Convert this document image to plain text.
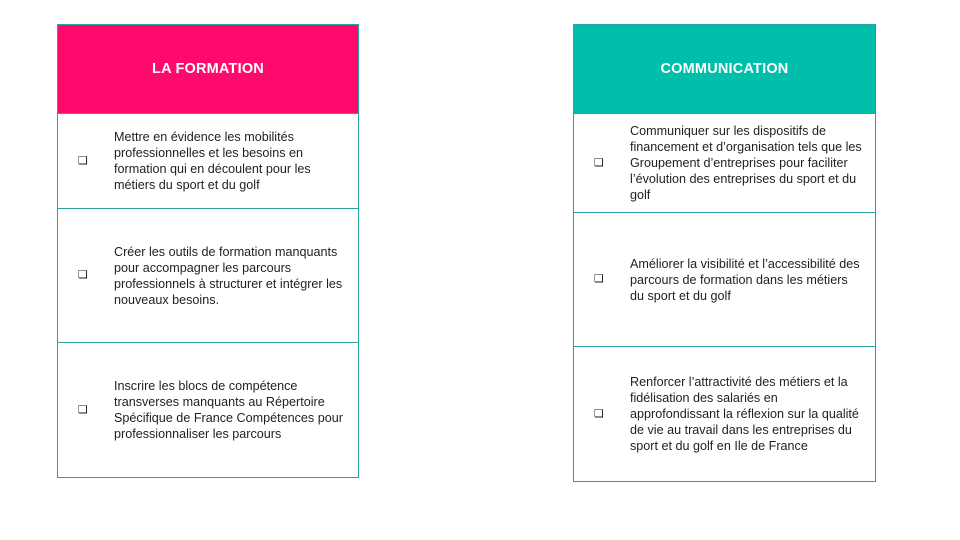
LA FORMATION
❏
Mettre en évidence les mobilités professionnelles et les besoins en formation qui en découlent pour les métiers du sport et du golf
❏
Créer les outils de formation manquants pour accompagner les parcours professionnels à structurer et intégrer les nouveaux besoins.
❏
Inscrire les blocs de compétence transverses manquants au Répertoire Spécifique de France Compétences pour professionnaliser les parcours
COMMUNICATION
❏
Communiquer sur les dispositifs de financement et d’organisation tels que les Groupement d’entreprises pour faciliter l’évolution des entreprises du sport et du golf
❏
Améliorer la visibilité et l’accessibilité des parcours de formation dans les métiers du sport et du golf
❏
Renforcer l’attractivité des métiers et la fidélisation des salariés en approfondissant la réflexion sur la qualité de vie au travail dans les entreprises du sport et du golf en Ile de France
